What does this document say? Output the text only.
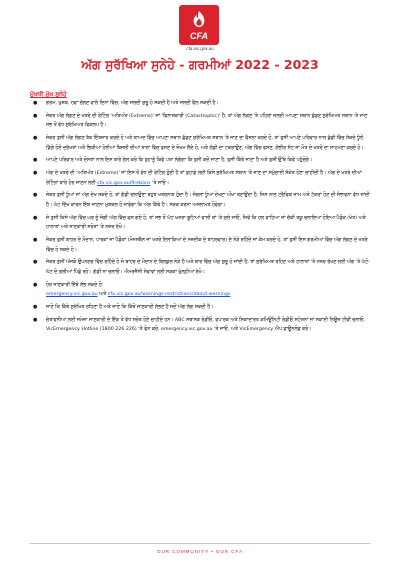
CFA
cfa.vic.gov.au
ਅੱਗ ਸੁਰੱਖਿਆ ਸੁਨੇਹੇ - ਗਰਮੀਆਂ 2022 - 2023
ਮੁੱਖਧੀ ਮੁੱਖ ਸੁਨੇਹੇ
● ਗਰਮ, ਖੁਸ਼ਕ, ਹਵਾ ਚੱਲਣ ਵਾਲੇ ਦਿਨਾਂ ਵਿੱਚ, ਅੱਗ ਜਲਦੀ ਸ਼ੁਰੂ ਹੋ ਸਕਦੀ ਹੈ ਅਤੇ ਜਲਦੀ ਫੈਲ ਸਕਦੀ ਹੈ।
● ਜੇਕਰ ਅੱਗ ਲੱਗਣ ਦੇ ਖਤਰੇ ਦੀ ਰੇਟਿੰਗ 'ਅਤਿਅੰਤ (Extreme)' ਜਾਂ 'ਵਿਨਾਸ਼ਕਾਰੀ (Catastrophic)' ਹੈ, ਤਾਂ ਅੱਗ ਲੱਗਣ 'ਤੇ ਪਹਿਲਾਂ ਜਲਦੀ ਆਪਣਾ ਸਥਾਨ ਛੱਡਣ ਸੁਰੱਖਿਅਤ ਸਥਾਨ 'ਤੇ ਜਾਣ ਸਭ ਤੋਂ ਵੱਧ ਸੁਰੱਖਿਅਤ ਵਿਕਲਪ ਹੈ।
● ਜੇਕਰ ਤੁਸੀਂ ਅੱਗ ਲੱਗਣ ਤੱਕ ਇੰਤਜ਼ਾਰ ਕਰਦੇ ਹੋ ਅਤੇ ਬਾਅਦ ਵਿੱਚ ਆਪਣਾ ਸਥਾਨ ਛੱਡਣ ਸੁਰੱਖਿਅਤ ਸਥਾਨ 'ਤੇ ਜਾਣ ਦਾ ਫੈਸਲਾ ਕਰਦੇ ਹੋ, ਤਾਂ ਤੁਸੀਂ ਆਪਣੇ ਪਰਿਵਾਰ ਨਾਲ ਛੱਡੀ ਵਿੱਚ ਸੱਕਦੇ ਧੂੰਏਂ, ਡਿੱਗੇ ਹੋਏ ਦਰੱਖਤਾਂ ਅਤੇ ਭਿੜੀਆਂ ਹੋਈਆਂ ਬਿਜਲੀ ਦੀਆਂ ਤਾਰਾਂ ਵਿੱਚ ਫਸਣ ਦੇ ਜੋਖਮ ਲੈਂਦੇ ਹੋ, ਅਤੇ ਗੱਡੀ ਦਾ ਟਕਰਾਉਣ, ਅੱਗ ਵਿੱਚ ਫਸਣ, ਗੰਭੀਰ ਸੱਟ ਜਾਂ ਮੌਤ ਦੇ ਖਤਰੇ ਦਾ ਸਾਹਮਣਾ ਕਰਦੇ ਹੋ।
● ਆਪਣੇ ਪਰਿਵਾਰ ਅਤੇ ਦੋਸਤਾਂ ਨਾਲ ਇਸ ਬਾਰੇ ਗੱਲ ਕਰੋ ਕਿ ਤੁਹਾਨੂੰ ਕਿਵੇਂ ਪਤਾ ਲੱਗੇਗਾ ਕਿ ਤੁਸੀਂ ਕਦੋਂ ਜਾਣਾ ਹੈ, ਤੁਸੀਂ ਕਿੱਥੇ ਜਾਣਾ ਹੈ ਅਤੇ ਤੁਸੀਂ ਉੱਥੇ ਕਿਵੇਂ ਪਹੁੰਚੋਗੇ।
● ਅੱਗ ਦੇ ਖਤਰੇ ਦੀ 'ਅਤਿਅੰਤ (Extreme)' ਜਾਂ ਇਸ ਤੋਂ ਵੱਧ ਦੀ ਰੇਟਿੰਗ ਹੁੰਦੀ ਹੈ ਤਾਂ ਤੁਹਾਡੇ ਲਈ ਕਿਸੇ ਸੁਰੱਖਿਅਤ ਸਥਾਨ 'ਤੇ ਜਾਣ ਦਾ ਸਮੁੱਚਾਈ ਸੰਕੇਤ ਹੋਣਾ ਚਾਹੀਦੀ ਹੈ। ਅੱਗ ਦੇ ਖਤਰੇ ਦੀਆਂ ਰੇਟਿੰਗਾਂ ਬਾਰੇ ਹੋਰ ਜਾਣਨ ਲਈ cfa.vic.gov.au/firebans 'ਤੇ ਜਾਓ।
● ਜੇਕਰ ਤੁਸੀਂ ਧੂੰਆਂ ਜਾਂ ਅੱਗ ਦੇਖ ਸਕਦੇ ਹੋ, ਤਾਂ ਗੱਡੀ ਚਲਾਉਣਾ ਬਹੁਤ ਖਤਰਨਾਕ ਹੁੰਦਾ ਹੈ। ਜੰਗਲਾ ਧੂੰਆਂ ਦੇਖਣਾ ਔਖਾ ਬਣਾਉਂਦਾ ਹੈ, ਜਿਸ ਨਾਲ ਟ੍ਰੈਫਿਕ ਜਾਮ ਅਤੇ ਟੱਕਰਾਂ ਹੋਣ ਦੀ ਸੰਭਾਵਨਾ ਵੱਧ ਜਾਂਦੀ ਹੈ। ਘੱਟ ਦਿੱਖ ਕਾਰਨ ਇੱਥ ਜਾਣਨਾ ਮੁਸ਼ਕਲ ਹੋ ਜਾਵੇਗਾ ਕਿ ਅੱਗ ਕਿੱਥੇ ਹੈ। ਸੜਕ ਕਰਨਾ ਅਸਲਾਮਤ ਹੋਵੇਗਾ।
● ਜੇ ਤੁਸੀਂ ਕਿਸੇ ਅੱਗ ਵਿੱਚ ਘਰ ਨੂੰ ਜੰਗੀ ਅੱਗ ਵਿੱਚ ਫਸ ਗਏ ਹੋ, ਤਾਂ ਸਭ ਤੋਂ ਘੱਟ ਖ਼ਤਰਾ-ਬੂਟਿਆਂ ਵਾਲੀ ਥਾਂ 'ਤੇ ਚਲੇ ਜਾਓ, ਜਿਵੇਂ ਕਿ ਹਲ ਵਾਹਿਆ ਜਾਂ ਚੱਕੀ ਤਕੂ ਚਲਾਇਆ ਹੋਇਆ ਪੈਡੌਕ (ਖੇਤ) ਅਤੇ ਹਾਲਾਤਾਂ ਅਤੇ ਜਾਣਕਾਰੀ ਸਰੋਤਾਂ 'ਤੇ ਨਜ਼ਰ ਰੱਖੋ।
● ਜੇਕਰ ਤੁਸੀਂ ਬਾਹਰ ਦੇ ਮੌਦਾਨ, ਪਾਰਕਾਂ ਜਾਂ ਪੈਡੌਕਾਂ (ਮੌਜਸਥੈਨ ਜਾਂ ਖਤਰੇ ਇਲਾਕਿਆਂ ਦੇ ਨਜ਼ਦੀਕ ਦੇ ਬਾਹਰਵਾਰ) ਦੇ ਨੇੜੇ ਰਹਿੰਦੇ ਜਾਂ ਕੰਮ ਕਰਦੇ ਹੋ, ਤਾਂ ਤੁਸੀਂ ਇਸ ਗਰਮੀਆਂ ਵਿੱਚ ਅੱਗ ਲੱਗਣ ਦੇ ਖਤਰੇ ਵਿੱਚ ਹੋ ਸਕਦੇ ਹੋ।
● ਜੇਕਰ ਤੁਸੀਂ ਅੱਜਕੋ ਉਪਨਗਰ ਵਿੱਚ ਰਹਿੰਦੇ ਹੋ ਜੋ ਬਾਹਰ ਦੇ ਮੌਦਾਨ ਦੇ ਬਿਲਕੁਲ ਨੇੜੇ ਹੈ ਅਤੇ ਥਾਰ ਵਿੱਚ ਅੱਗ ਸ਼ੁਰੂ ਹੋ ਜਾਂਦੀ ਹੈ, ਤਾਂ ਸੁਰੱਖਿਅਤ ਰਹਿਣ ਅਤੇ ਹਾਲਾਤਾਂ 'ਤੇ ਨਜ਼ਰ ਰੱਖਣ ਲਈ ਅੱਗ 'ਤੇ ਘੱਟੋ-ਘੱਟ ਦੋ ਗਲੀਆਂ ਪਿੱਛੇ ਰਹੋ। ਗੱਡੀ ਨਾ ਚਲਾਓ। ਐਮਰਜੈਂਸੀ ਸੇਵਾਵਾਂ ਲਈ ਸੜਕਾਂ ਖੁੱਲ੍ਹੀਆਂ ਰੱਖੋ।
● ਹੋਰ ਜਾਣਕਾਰੀ ਇੱਥੇ ਲੱਭ ਸਕਦੇ ਹੋ:
emergency.vic.gov.au ਅਤੇ cfa.vic.gov.au/warnings-restrictions/about-warnings
● ਜਾਣੋ ਕਿ ਕਿੱਥੇ ਸੁਰੱਖਿਤ ਰਹਿਣਾ ਹੈ ਅਤੇ ਜਾਣੋ ਕਿ ਕਿੱਥੋਂ ਜਾਣਕਾਰੀ ਲੱਭਣ ਹੈ ਜਦੋਂ ਅੱਗ ਲੱਗ ਸਕਦੀ ਹੈ।
● ਚੇਤਾਵਨੀਆਂ ਲਈ ਜਮੇਜ਼ਾ ਜਾਣਕਾਰੀ ਦੇ ਇੱਕ ਤੋਂ ਵੱਧ ਸਰੋਤ ਹੋਣੇ ਚਾਹੀਦੇ ਹਨ। ABC ਸਥਾਨਕ ਰੇਡੀਓ, ਵਪਾਰਕ ਅਤੇ ਸਿਕਾਦਾਰਤ ਕਮਿਊਨਿਟੀ ਰੇਡੀਓ ਸਟੇਸ਼ਨਾਂ ਜਾਂ ਸਕਾਈ ਨਿਊਜ਼ ਟੀਵੀ ਚਲਾਓ, VicEmergency Hotline (1800 226 226) 'ਤੇ ਫੋਨ ਕਰੋ, emergency.vic.gov.au 'ਤੇ ਜਾਓ, ਅਤੇ VicEmergency ਐਪ ਡਾਊਨਲੋਡ ਕਰੋ।
OUR COMMUNITY • OUR CFA
